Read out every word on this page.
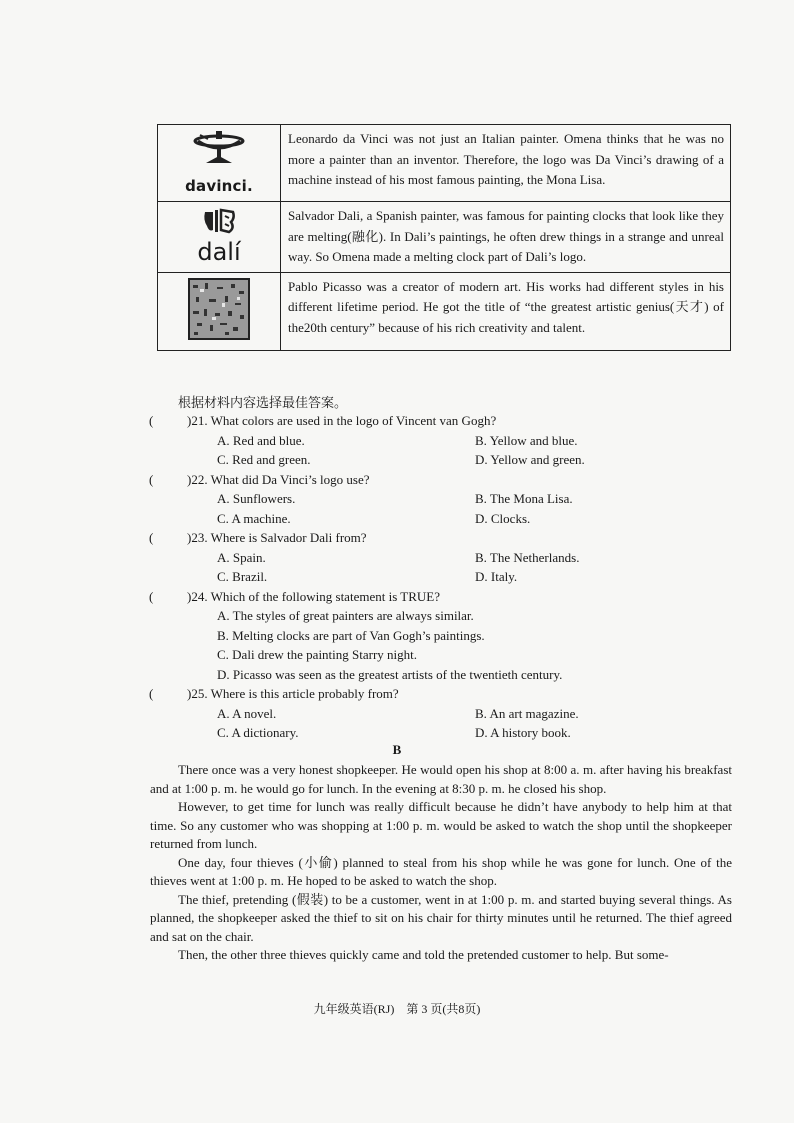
davinci.	Leonardo da Vinci was not just an Italian painter. Omena thinks that he was no more a painter than an inventor. Therefore, the logo was Da Vinci’s drawing of a machine instead of his most famous painting, the Mona Lisa.

dalí	Salvador Dali, a Spanish painter, was famous for painting clocks that look like they are melting(融化). In Dali’s paintings, he often drew things in a strange and unreal way. So Omena made a melting clock part of Dali’s logo.
	Pablo Picasso was a creator of modern art. His works had different styles in his different lifetime period. He got the title of “the greatest artistic genius(天才) of the20th century” because of his rich creativity and talent.
根据材料内容选择最佳答案。
(	)21. What colors are used in the logo of Vincent van Gogh?
A. Red and blue.	B. Yellow and blue.
C. Red and green.	D. Yellow and green.
(	)22. What did Da Vinci’s logo use?
A. Sunflowers.	B. The Mona Lisa.
C. A machine.	D. Clocks.
(	)23. Where is Salvador Dali from?
A. Spain.	B. The Netherlands.
C. Brazil.	D. Italy.
(	)24. Which of the following statement is TRUE?
A. The styles of great painters are always similar.
B. Melting clocks are part of Van Gogh’s paintings.
C. Dali drew the painting Starry night.
D. Picasso was seen as the greatest artists of the twentieth century.
(	)25. Where is this article probably from?
A. A novel.	B. An art magazine.
C. A dictionary.	D. A history book.
B

There once was a very honest shopkeeper. He would open his shop at 8:00 a. m. after having his breakfast and at 1:00 p. m. he would go for lunch. In the evening at 8:30 p. m. he closed his shop.

However, to get time for lunch was really difficult because he didn’t have anybody to help him at that time. So any customer who was shopping at 1:00 p. m. would be asked to watch the shop until the shopkeeper returned from lunch.

One day, four thieves (小偷) planned to steal from his shop while he was gone for lunch. One of the thieves went at 1:00 p. m. He hoped to be asked to watch the shop.

The thief, pretending (假装) to be a customer, went in at 1:00 p. m. and started buying several things. As planned, the shopkeeper asked the thief to sit on his chair for thirty minutes until he returned. The thief agreed and sat on the chair.

Then, the other three thieves quickly came and told the pretended customer to help. But some-

九年级英语(RJ)　第 3 页(共8页)
